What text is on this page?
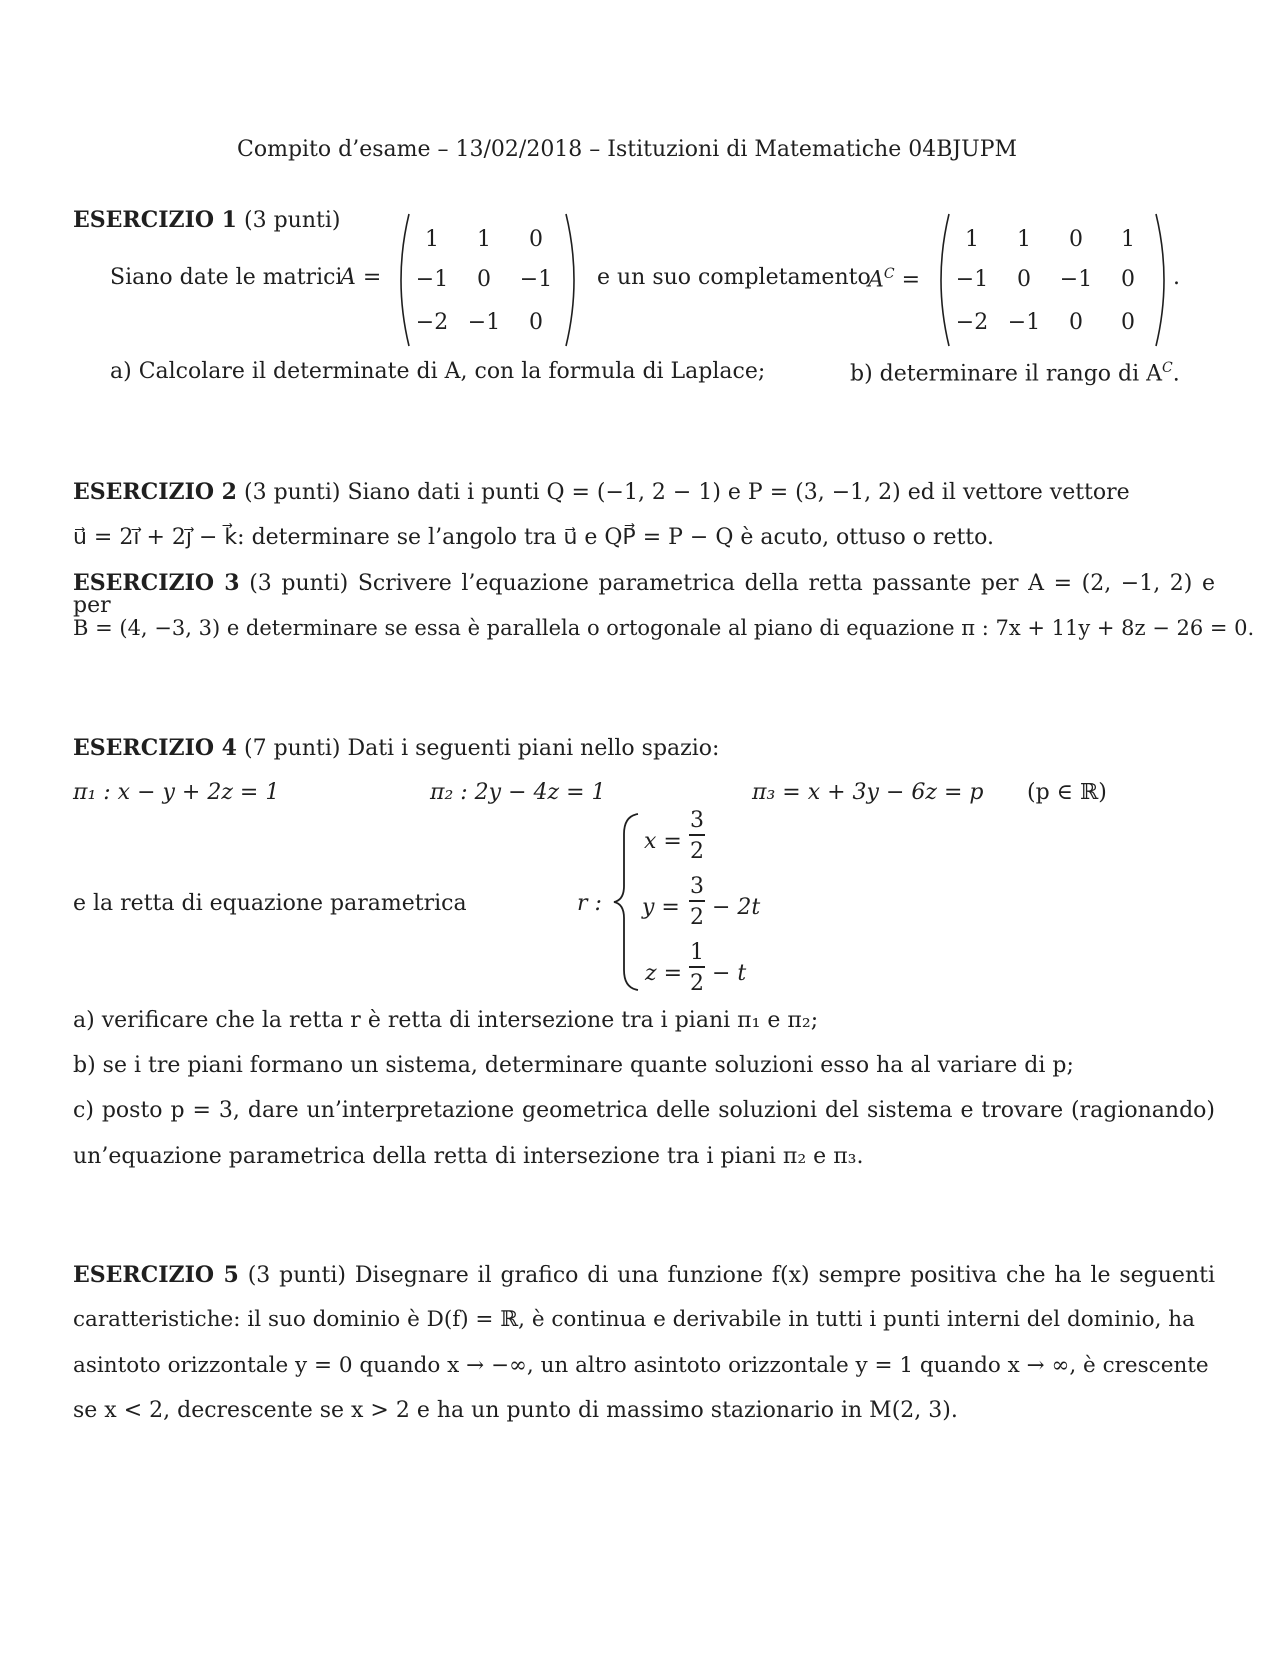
Compito d’esame – 13/02/2018 – Istituzioni di Matematiche 04BJUPM
ESERCIZIO 1 (3 punti)
Siano date le matrici
A =
1	1	0
−1	0	−1
−2 −1	0
e un suo completamento
$A^C$ =
1	1	0	1
−1	0	−1	0
−2 −1	0	0
.
a) Calcolare il determinate di A, con la formula di Laplace;	b) determinare il rango di $A^C$.
ESERCIZIO 2 (3 punti) Siano dati i punti Q = (−1, 2 − 1) e P = (3, −1, 2) ed il vettore vettore
u⃗ = 2i⃗ + 2j⃗ − k⃗: determinare se l’angolo tra u⃗ e QP⃗ = P − Q è acuto, ottuso o retto.
ESERCIZIO 3 (3 punti) Scrivere l’equazione parametrica della retta passante per A = (2, −1, 2) e per
B = (4, −3, 3) e determinare se essa è parallela o ortogonale al piano di equazione π : 7x + 11y + 8z − 26 = 0.
ESERCIZIO 4 (7 punti) Dati i seguenti piani nello spazio:
π₁ : x − y + 2z = 1	π₂ : 2y − 4z = 1	π₃ = x + 3y − 6z = p (p ∈ ℝ)
e la retta di equazione parametrica	r :
x =
3
2
y =
3
2 − 2t
z =
1
2 − t
a) verificare che la retta r è retta di intersezione tra i piani π₁ e π₂;
b) se i tre piani formano un sistema, determinare quante soluzioni esso ha al variare di p;
c) posto p = 3, dare un’interpretazione geometrica delle soluzioni del sistema e trovare (ragionando)
un’equazione parametrica della retta di intersezione tra i piani π₂ e π₃.
ESERCIZIO 5 (3 punti) Disegnare il grafico di una funzione f(x) sempre positiva che ha le seguenti
caratteristiche: il suo dominio è D(f) = ℝ, è continua e derivabile in tutti i punti interni del dominio, ha
asintoto orizzontale y = 0 quando x → −∞, un altro asintoto orizzontale y = 1 quando x → ∞, è crescente
se x < 2, decrescente se x > 2 e ha un punto di massimo stazionario in M(2, 3).
